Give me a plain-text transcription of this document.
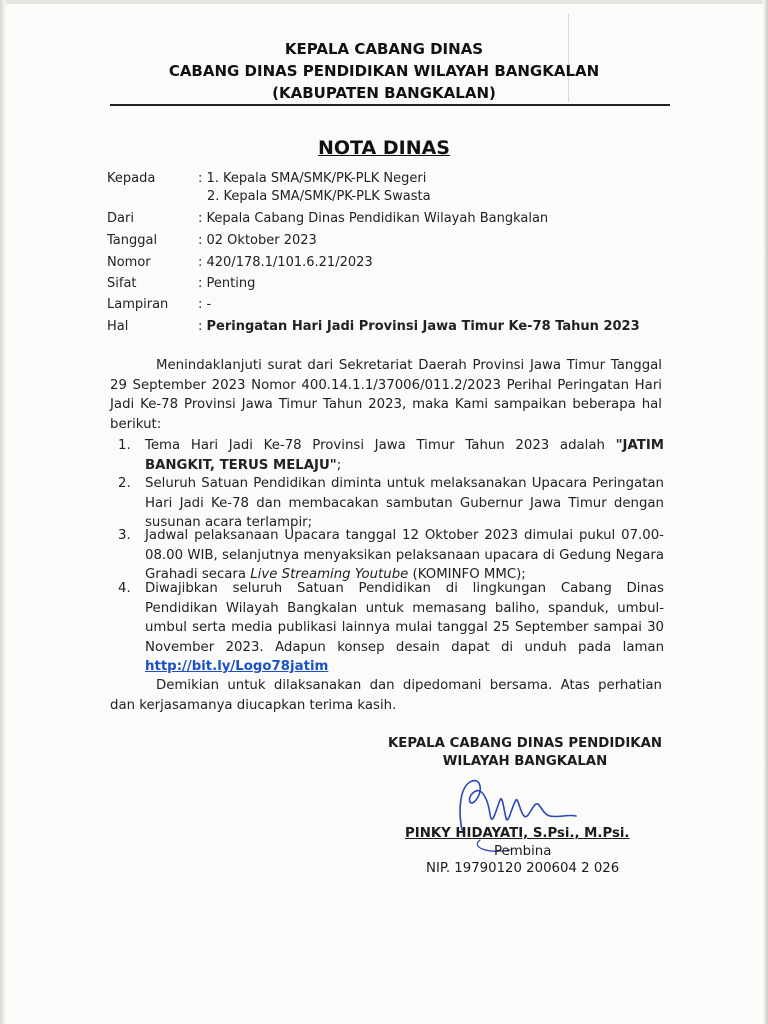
KEPALA CABANG DINAS
CABANG DINAS PENDIDIKAN WILAYAH BANGKALAN
(KABUPATEN BANGKALAN)
NOTA DINAS
Kepada	: 1. Kepala SMA/SMK/PK-PLK Negeri
2. Kepala SMA/SMK/PK-PLK Swasta
Dari	: Kepala Cabang Dinas Pendidikan Wilayah Bangkalan
Tanggal	: 02 Oktober 2023
Nomor	: 420/178.1/101.6.21/2023
Sifat	: Penting
Lampiran : -
Hal	: Peringatan Hari Jadi Provinsi Jawa Timur Ke-78 Tahun 2023

Menindaklanjuti surat dari Sekretariat Daerah Provinsi Jawa Timur Tanggal 29 September 2023 Nomor 400.14.1.1/37006/011.2/2023 Perihal Peringatan Hari Jadi Ke-78 Provinsi Jawa Timur Tahun 2023, maka Kami sampaikan beberapa hal berikut:

1.	Tema Hari Jadi Ke-78 Provinsi Jawa Timur Tahun 2023 adalah "JATIM BANGKIT, TERUS MELAJU";
2.	Seluruh Satuan Pendidikan diminta untuk melaksanakan Upacara Peringatan Hari Jadi Ke-78 dan membacakan sambutan Gubernur Jawa Timur dengan susunan acara terlampir;
3.	Jadwal pelaksanaan Upacara tanggal 12 Oktober 2023 dimulai pukul 07.00-08.00 WIB, selanjutnya menyaksikan pelaksanaan upacara di Gedung Negara Grahadi secara Live Streaming Youtube (KOMINFO MMC);
4.	Diwajibkan seluruh Satuan Pendidikan di lingkungan Cabang Dinas Pendidikan Wilayah Bangkalan untuk memasang baliho, spanduk, umbul-umbul serta media publikasi lainnya mulai tanggal 25 September sampai 30 November 2023. Adapun konsep desain dapat di unduh pada laman http://bit.ly/Logo78jatim

Demikian untuk dilaksanakan dan dipedomani bersama. Atas perhatian dan kerjasamanya diucapkan terima kasih.

KEPALA CABANG DINAS PENDIDIKAN
WILAYAH BANGKALAN
PINKY HIDAYATI, S.Psi., M.Psi.
Pembina
NIP. 19790120 200604 2 026
